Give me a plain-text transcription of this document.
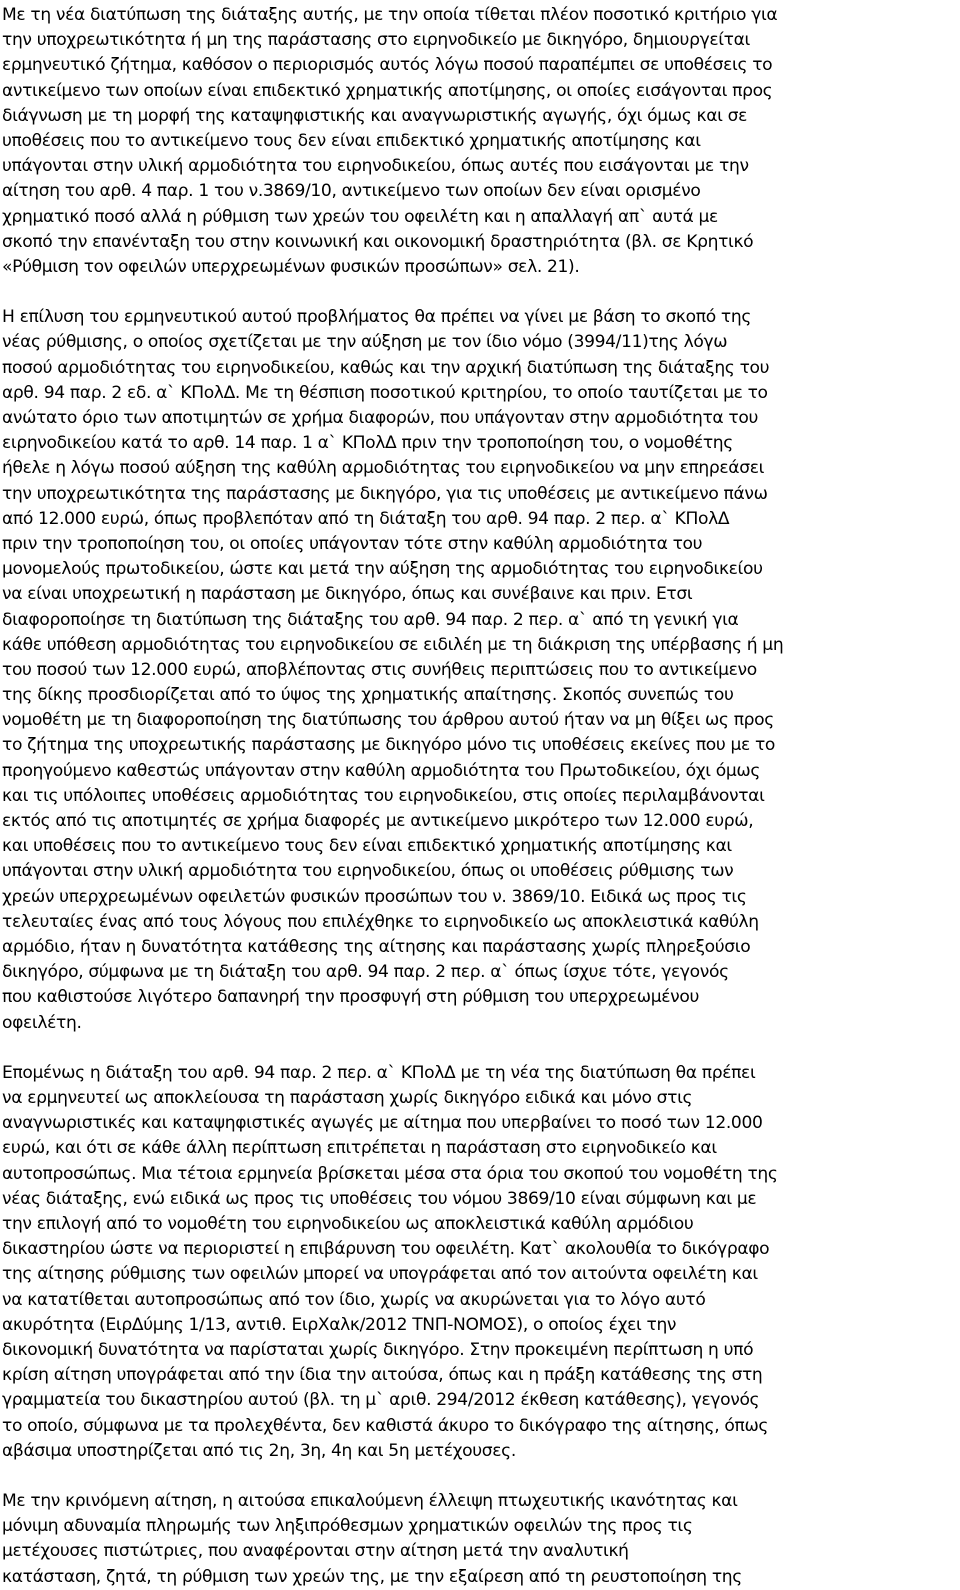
Με τη νέα διατύπωση της διάταξης αυτής, με την οποία τίθεται πλέον ποσοτικό κριτήριο για
την υποχρεωτικότητα ή μη της παράστασης στο ειρηνοδικείο με δικηγόρο, δημιουργείται
ερμηνευτικό ζήτημα, καθόσον ο περιορισμός αυτός λόγω ποσού παραπέμπει σε υποθέσεις το
αντικείμενο των οποίων είναι επιδεκτικό χρηματικής αποτίμησης, οι οποίες εισάγονται προς
διάγνωση με τη μορφή της καταψηφιστικής και αναγνωριστικής αγωγής, όχι όμως και σε
υποθέσεις που το αντικείμενο τους δεν είναι επιδεκτικό χρηματικής αποτίμησης και
υπάγονται στην υλική αρμοδιότητα του ειρηνοδικείου, όπως αυτές που εισάγονται με την
αίτηση του αρθ. 4 παρ. 1 του ν.3869/10, αντικείμενο των οποίων δεν είναι ορισμένο
χρηματικό ποσό αλλά η ρύθμιση των χρεών του οφειλέτη και η απαλλαγή απ` αυτά με
σκοπό την επανένταξη του στην κοινωνική και οικονομική δραστηριότητα (βλ. σε Κρητικό
«Ρύθμιση τον οφειλών υπερχρεωμένων φυσικών προσώπων» σελ. 21).
Η επίλυση του ερμηνευτικού αυτού προβλήματος θα πρέπει να γίνει με βάση το σκοπό της
νέας ρύθμισης, ο οποίος σχετίζεται με την αύξηση με τον ίδιο νόμο (3994/11)της λόγω
ποσού αρμοδιότητας του ειρηνοδικείου, καθώς και την αρχική διατύπωση της διάταξης του
αρθ. 94 παρ. 2 εδ. α` ΚΠολΔ. Με τη θέσπιση ποσοτικού κριτηρίου, το οποίο ταυτίζεται με το
ανώτατο όριο των αποτιμητών σε χρήμα διαφορών, που υπάγονταν στην αρμοδιότητα του
ειρηνοδικείου κατά το αρθ. 14 παρ. 1 α` ΚΠολΔ πριν την τροποποίηση του, ο νομοθέτης
ήθελε η λόγω ποσού αύξηση της καθύλη αρμοδιότητας του ειρηνοδικείου να μην επηρεάσει
την υποχρεωτικότητα της παράστασης με δικηγόρο, για τις υποθέσεις με αντικείμενο πάνω
από 12.000 ευρώ, όπως προβλεπόταν από τη διάταξη του αρθ. 94 παρ. 2 περ. α` ΚΠολΔ
πριν την τροποποίηση του, οι οποίες υπάγονταν τότε στην καθύλη αρμοδιότητα του
μονομελούς πρωτοδικείου, ώστε και μετά την αύξηση της αρμοδιότητας του ειρηνοδικείου
να είναι υποχρεωτική η παράσταση με δικηγόρο, όπως και συνέβαινε και πριν. Ετσι
διαφοροποίησε τη διατύπωση της διάταξης του αρθ. 94 παρ. 2 περ. α` από τη γενική για
κάθε υπόθεση αρμοδιότητας του ειρηνοδικείου σε ειδιλέη με τη διάκριση της υπέρβασης ή μη
του ποσού των 12.000 ευρώ, αποβλέποντας στις συνήθεις περιπτώσεις που το αντικείμενο
της δίκης προσδιορίζεται από το ύψος της χρηματικής απαίτησης. Σκοπός συνεπώς του
νομοθέτη με τη διαφοροποίηση της διατύπωσης του άρθρου αυτού ήταν να μη θίξει ως προς
το ζήτημα της υποχρεωτικής παράστασης με δικηγόρο μόνο τις υποθέσεις εκείνες που με το
προηγούμενο καθεστώς υπάγονταν στην καθύλη αρμοδιότητα του Πρωτοδικείου, όχι όμως
και τις υπόλοιπες υποθέσεις αρμοδιότητας του ειρηνοδικείου, στις οποίες περιλαμβάνονται
εκτός από τις αποτιμητές σε χρήμα διαφορές με αντικείμενο μικρότερο των 12.000 ευρώ,
και υποθέσεις που το αντικείμενο τους δεν είναι επιδεκτικό χρηματικής αποτίμησης και
υπάγονται στην υλική αρμοδιότητα του ειρηνοδικείου, όπως οι υποθέσεις ρύθμισης των
χρεών υπερχρεωμένων οφειλετών φυσικών προσώπων του ν. 3869/10. Ειδικά ως προς τις
τελευταίες ένας από τους λόγους που επιλέχθηκε το ειρηνοδικείο ως αποκλειστικά καθύλη
αρμόδιο, ήταν η δυνατότητα κατάθεσης της αίτησης και παράστασης χωρίς πληρεξούσιο
δικηγόρο, σύμφωνα με τη διάταξη του αρθ. 94 παρ. 2 περ. α` όπως ίσχυε τότε, γεγονός
που καθιστούσε λιγότερο δαπανηρή την προσφυγή στη ρύθμιση του υπερχρεωμένου
οφειλέτη.
Επομένως η διάταξη του αρθ. 94 παρ. 2 περ. α` ΚΠολΔ με τη νέα της διατύπωση θα πρέπει
να ερμηνευτεί ως αποκλείουσα τη παράσταση χωρίς δικηγόρο ειδικά και μόνο στις
αναγνωριστικές και καταψηφιστικές αγωγές με αίτημα που υπερβαίνει το ποσό των 12.000
ευρώ, και ότι σε κάθε άλλη περίπτωση επιτρέπεται η παράσταση στο ειρηνοδικείο και
αυτοπροσώπως. Μια τέτοια ερμηνεία βρίσκεται μέσα στα όρια του σκοπού του νομοθέτη της
νέας διάταξης, ενώ ειδικά ως προς τις υποθέσεις του νόμου 3869/10 είναι σύμφωνη και με
την επιλογή από το νομοθέτη του ειρηνοδικείου ως αποκλειστικά καθύλη αρμόδιου
δικαστηρίου ώστε να περιοριστεί η επιβάρυνση του οφειλέτη. Κατ` ακολουθία το δικόγραφο
της αίτησης ρύθμισης των οφειλών μπορεί να υπογράφεται από τον αιτούντα οφειλέτη και
να κατατίθεται αυτοπροσώπως από τον ίδιο, χωρίς να ακυρώνεται για το λόγο αυτό
ακυρότητα (ΕιρΔύμης 1/13, αντιθ. ΕιρΧαλκ/2012 ΤΝΠ-ΝΟΜΟΣ), ο οποίος έχει την
δικονομική δυνατότητα να παρίσταται χωρίς δικηγόρο. Στην προκειμένη περίπτωση η υπό
κρίση αίτηση υπογράφεται από την ίδια την αιτούσα, όπως και η πράξη κατάθεσης της στη
γραμματεία του δικαστηρίου αυτού (βλ. τη μ` αριθ. 294/2012 έκθεση κατάθεσης), γεγονός
το οποίο, σύμφωνα με τα προλεχθέντα, δεν καθιστά άκυρο το δικόγραφο της αίτησης, όπως
αβάσιμα υποστηρίζεται από τις 2η, 3η, 4η και 5η μετέχουσες.
Με την κρινόμενη αίτηση, η αιτούσα επικαλούμενη έλλειψη πτωχευτικής ικανότητας και
μόνιμη αδυναμία πληρωμής των ληξιπρόθεσμων χρηματικών οφειλών της προς τις
μετέχουσες πιστώτριες, που αναφέρονται στην αίτηση μετά την αναλυτική
κατάσταση, ζητά, τη ρύθμιση των χρεών της, με την εξαίρεση από τη ρευστοποίηση της
